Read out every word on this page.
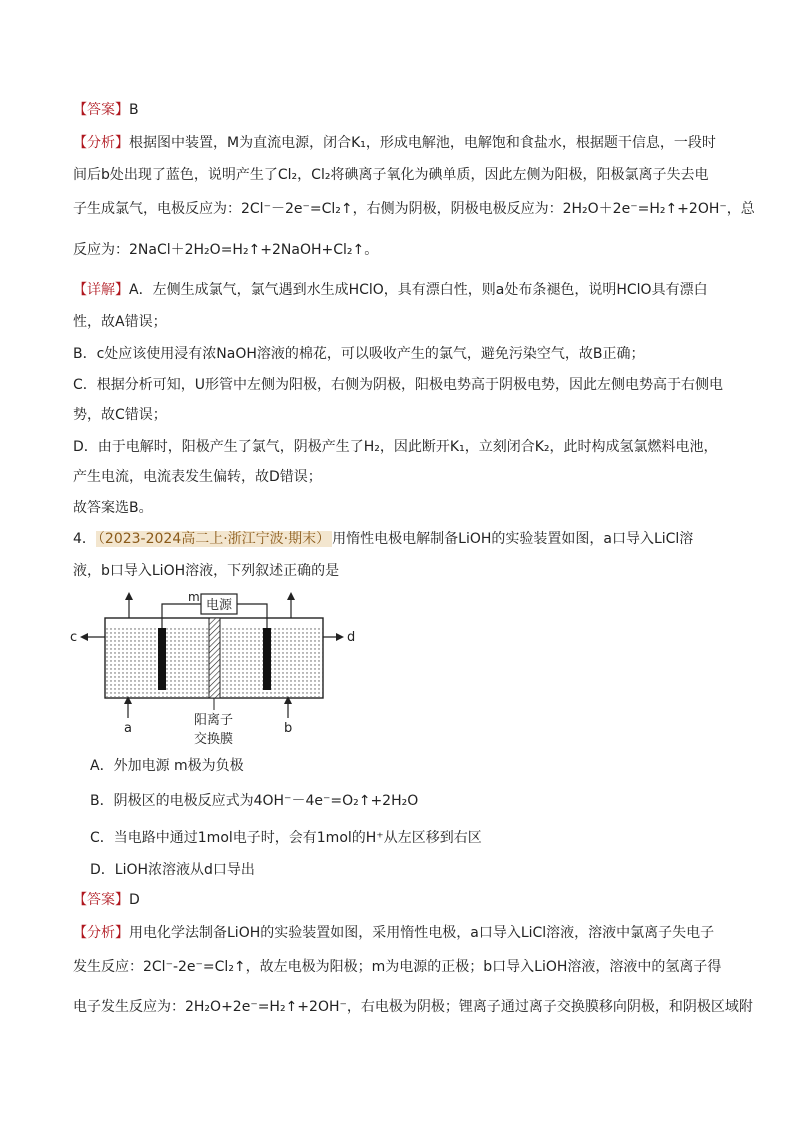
【答案】B
【分析】根据图中装置，M为直流电源，闭合K₁，形成电解池，电解饱和食盐水，根据题干信息，一段时
间后b处出现了蓝色，说明产生了Cl₂，Cl₂将碘离子氧化为碘单质，因此左侧为阳极，阳极氯离子失去电
子生成氯气，电极反应为：2Cl⁻－2e⁻=Cl₂↑，右侧为阴极，阴极电极反应为：2H₂O＋2e⁻=H₂↑+2OH⁻，总
反应为：2NaCl＋2H₂O=H₂↑+2NaOH+Cl₂↑。
【详解】A．左侧生成氯气，氯气遇到水生成HClO，具有漂白性，则a处布条褪色，说明HClO具有漂白
性，故A错误；
B．c处应该使用浸有浓NaOH溶液的棉花，可以吸收产生的氯气，避免污染空气，故B正确；
C．根据分析可知，U形管中左侧为阳极，右侧为阴极，阳极电势高于阴极电势，因此左侧电势高于右侧电
势，故C错误；
D．由于电解时，阳极产生了氯气，阴极产生了H₂，因此断开K₁，立刻闭合K₂，此时构成氢氯燃料电池，
产生电流，电流表发生偏转，故D错误；
故答案选B。
4． （2023-2024高二上·浙江宁波·期末） 用惰性电极电解制备LiOH的实验装置如图，a口导入LiCl溶
液，b口导入LiOH溶液，下列叙述正确的是
电源
m
c	d
a	b
阳离子
交换膜
A．外加电源 m极为负极
B．阴极区的电极反应式为4OH⁻－4e⁻=O₂↑+2H₂O
C．当电路中通过1mol电子时，会有1mol的H⁺从左区移到右区
D．LiOH浓溶液从d口导出
【答案】D
【分析】用电化学法制备LiOH的实验装置如图，采用惰性电极，a口导入LiCl溶液，溶液中氯离子失电子
发生反应：2Cl⁻-2e⁻=Cl₂↑，故左电极为阳极；m为电源的正极；b口导入LiOH溶液，溶液中的氢离子得
电子发生反应为：2H₂O+2e⁻=H₂↑+2OH⁻，右电极为阴极；锂离子通过离子交换膜移向阴极，和阴极区域附
